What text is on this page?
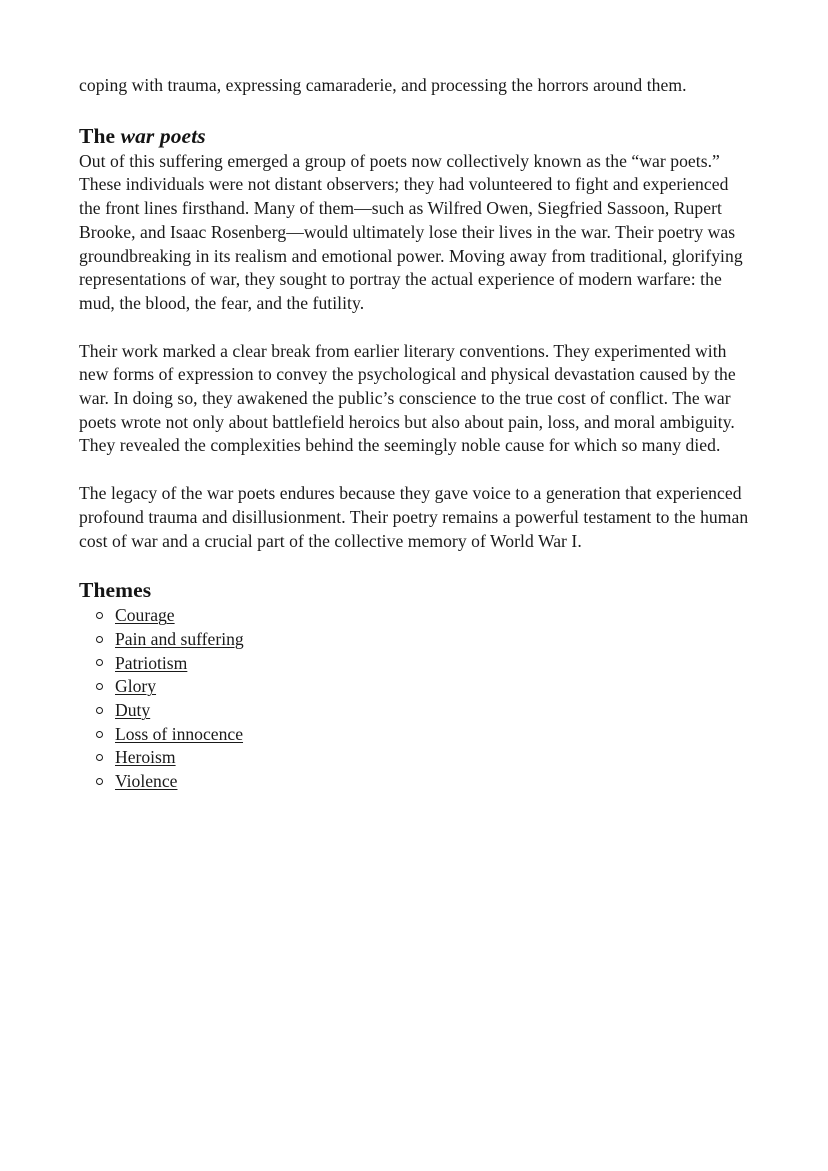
coping with trauma, expressing camaraderie, and processing the horrors around them.

The war poets

Out of this suffering emerged a group of poets now collectively known as the “war poets.” These individuals were not distant observers; they had volunteered to fight and experienced the front lines firsthand. Many of them—such as Wilfred Owen, Siegfried Sassoon, Rupert Brooke, and Isaac Rosenberg—would ultimately lose their lives in the war. Their poetry was groundbreaking in its realism and emotional power. Moving away from traditional, glorifying representations of war, they sought to portray the actual experience of modern warfare: the mud, the blood, the fear, and the futility.

Their work marked a clear break from earlier literary conventions. They experimented with new forms of expression to convey the psychological and physical devastation caused by the war. In doing so, they awakened the public’s conscience to the true cost of conflict. The war poets wrote not only about battlefield heroics but also about pain, loss, and moral ambiguity. They revealed the complexities behind the seemingly noble cause for which so many died.

The legacy of the war poets endures because they gave voice to a generation that experienced profound trauma and disillusionment. Their poetry remains a powerful testament to the human cost of war and a crucial part of the collective memory of World War I.

Themes
Courage
Pain and suffering
Patriotism
Glory
Duty
Loss of innocence
Heroism
Violence
